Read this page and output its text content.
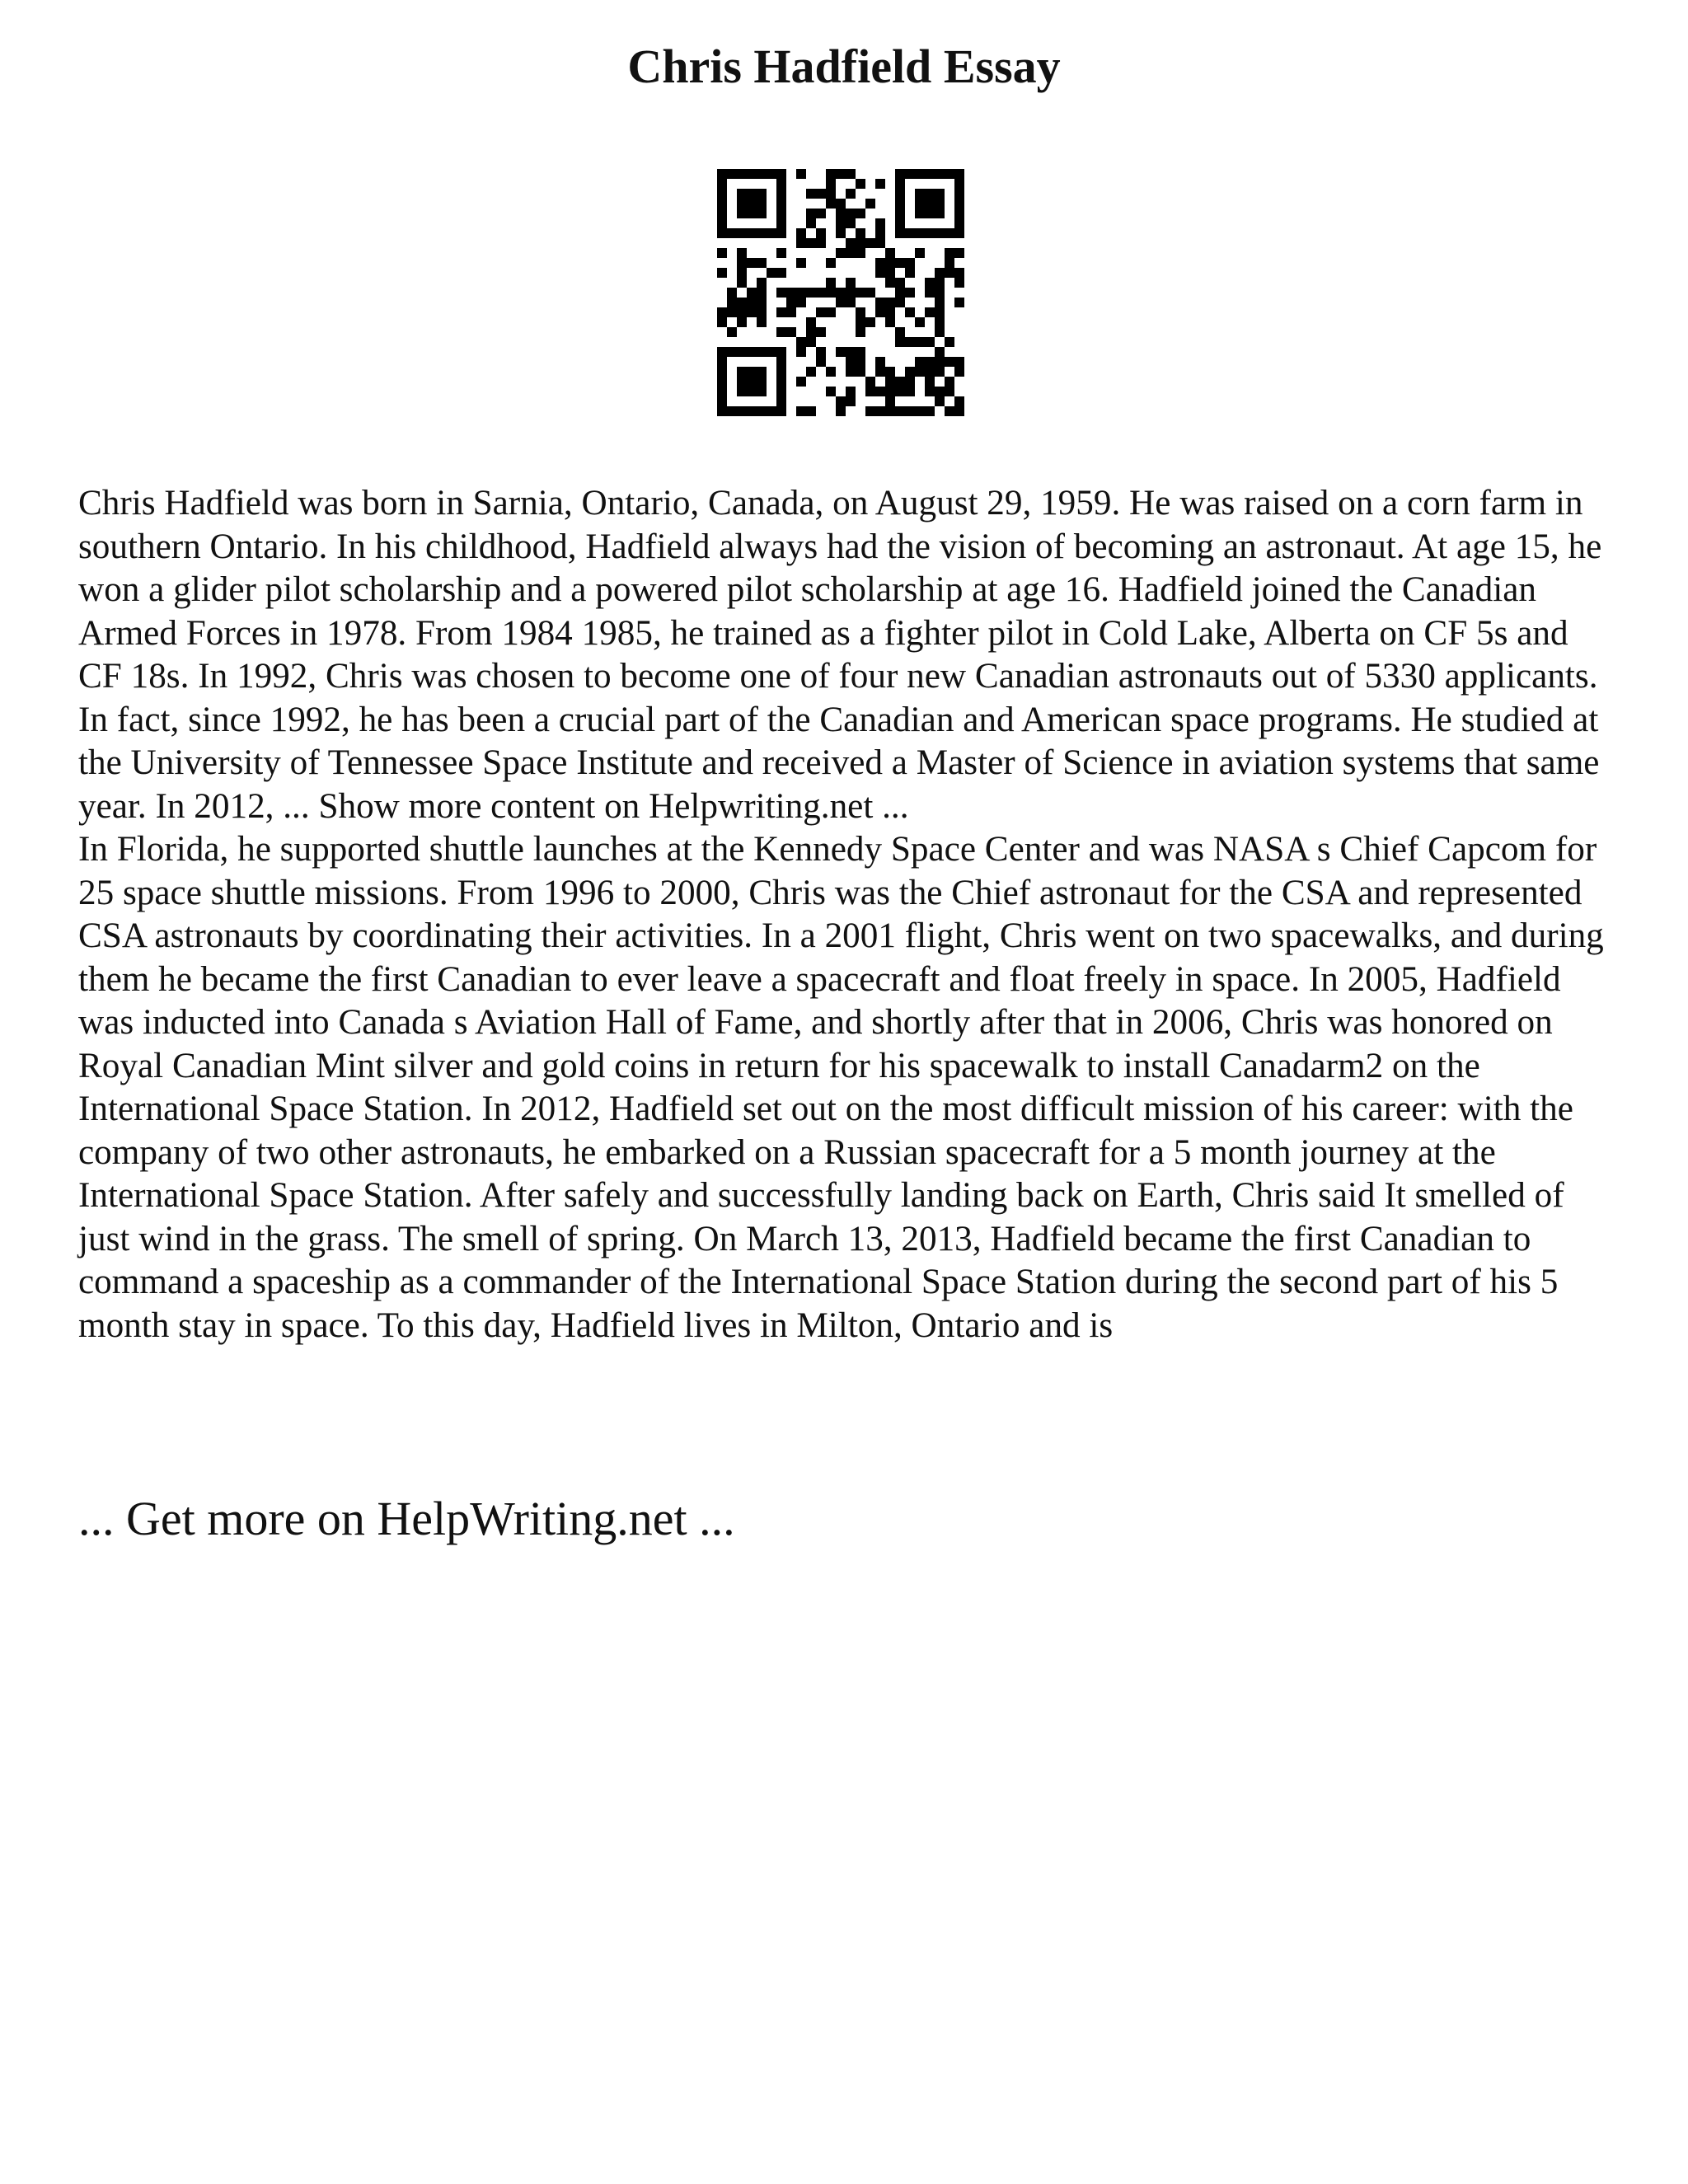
Chris Hadfield Essay

Chris Hadfield was born in Sarnia, Ontario, Canada, on August 29, 1959. He was raised on a corn farm in southern Ontario. In his childhood, Hadfield always had the vision of becoming an astronaut. At age 15, he won a glider pilot scholarship and a powered pilot scholarship at age 16. Hadfield joined the Canadian Armed Forces in 1978. From 1984 1985, he trained as a fighter pilot in Cold Lake, Alberta on CF 5s and CF 18s. In 1992, Chris was chosen to become one of four new Canadian astronauts out of 5330 applicants. In fact, since 1992, he has been a crucial part of the Canadian and American space programs. He studied at the University of Tennessee Space Institute and received a Master of Science in aviation systems that same year. In 2012, ... Show more content on Helpwriting.net ...

In Florida, he supported shuttle launches at the Kennedy Space Center and was NASA s Chief Capcom for 25 space shuttle missions. From 1996 to 2000, Chris was the Chief astronaut for the CSA and represented CSA astronauts by coordinating their activities. In a 2001 flight, Chris went on two spacewalks, and during them he became the first Canadian to ever leave a spacecraft and float freely in space. In 2005, Hadfield was inducted into Canada s Aviation Hall of Fame, and shortly after that in 2006, Chris was honored on Royal Canadian Mint silver and gold coins in return for his spacewalk to install Canadarm2 on the International Space Station. In 2012, Hadfield set out on the most difficult mission of his career: with the company of two other astronauts, he embarked on a Russian spacecraft for a 5 month journey at the International Space Station. After safely and successfully landing back on Earth, Chris said It smelled of just wind in the grass. The smell of spring. On March 13, 2013, Hadfield became the first Canadian to command a spaceship as a commander of the International Space Station during the second part of his 5 month stay in space. To this day, Hadfield lives in Milton, Ontario and is

... Get more on HelpWriting.net ...
